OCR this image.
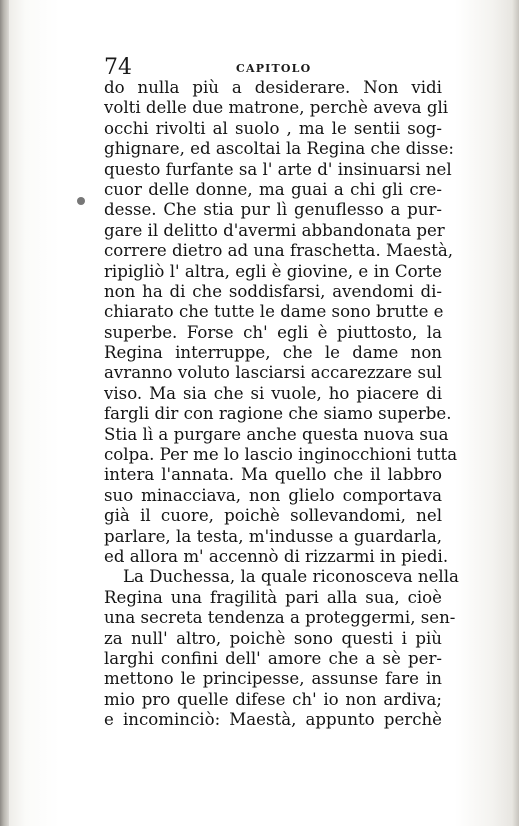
74	CAPITOLO
do nulla più a desiderare. Non vidi
volti delle due matrone, perchè aveva gli
occhi rivolti al suolo , ma le sentii sog-
ghignare, ed ascoltai la Regina che disse:
questo furfante sa l' arte d' insinuarsi nel
cuor delle donne, ma guai a chi gli cre-
desse. Che stia pur lì genuflesso a pur-
gare il delitto d'avermi abbandonata per
correre dietro ad una fraschetta. Maestà,
ripigliò l' altra, egli è giovine, e in Corte
non ha di che soddisfarsi, avendomi di-
chiarato che tutte le dame sono brutte e
superbe. Forse ch' egli è piuttosto, la
Regina interruppe, che le dame non
avranno voluto lasciarsi accarezzare sul
viso. Ma sia che si vuole, ho piacere di
fargli dir con ragione che siamo superbe.
Stia lì a purgare anche questa nuova sua
colpa. Per me lo lascio inginocchioni tutta
intera l'annata. Ma quello che il labbro
suo minacciava, non glielo comportava
già il cuore, poichè sollevandomi, nel
parlare, la testa, m'indusse a guardarla,
ed allora m' accennò di rizzarmi in piedi.
La Duchessa, la quale riconosceva nella
Regina una fragilità pari alla sua, cioè
una secreta tendenza a proteggermi, sen-
za null' altro, poichè sono questi i più
larghi confini dell' amore che a sè per-
mettono le principesse, assunse fare in
mio pro quelle difese ch' io non ardiva;
e incominciò: Maestà, appunto perchè
